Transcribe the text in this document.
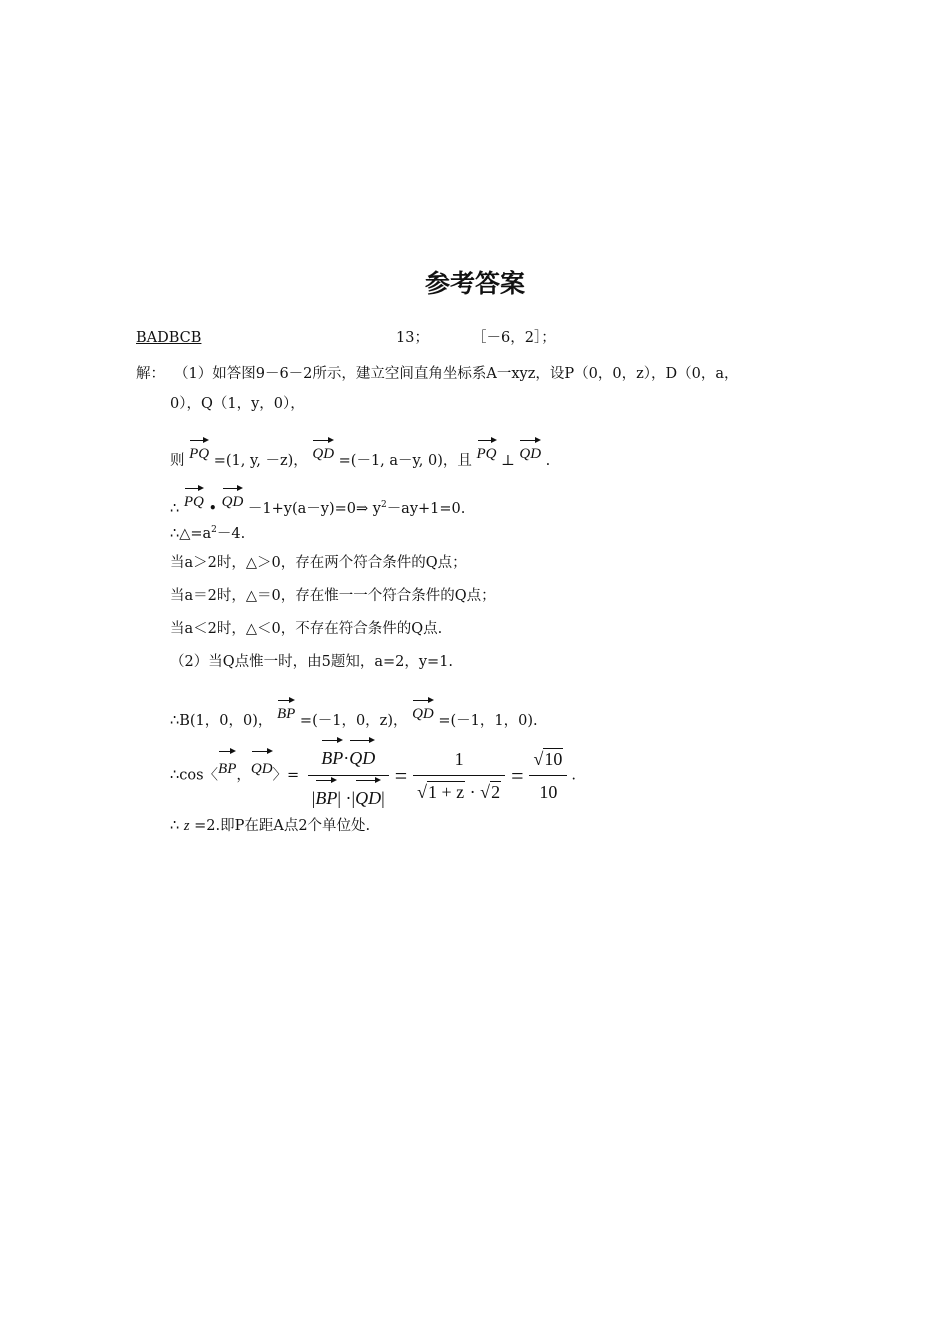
参考答案
BADBCB	13；	［－6，2］；
解： （1）如答图9－6－2所示，建立空间直角坐标系A一xyz，设P（0，0，z），D（0，a，
0），Q（1，y，0），
则 PQ =(1, y, －z)， QD =(－1, a－y, 0)，且 PQ ⊥ QD .
∴ PQ • QD －1+y(a－y)=0⇒ $y^2-ay+1=0$.
$\therefore\triangle=a^2-4$.
当a＞2时，△＞0，存在两个符合条件的Q点；
当a＝2时，△＝0，存在惟一一个符合条件的Q点；
当a＜2时，△＜0，不存在符合条件的Q点.
（2）当Q点惟一时，由5题知，a=2，y=1.
∴B(1，0，0)， BP =(－1，0，z)， QD =(－1，1，0).
∴cos〈BP，QD〉= $\frac{BP\cdot QD}{|BP| \cdot|QD|} = \frac{1}{√1 + z \cdot √2} = \frac{√10}{10}$ .
∴ z =2.即P在距A点2个单位处.
